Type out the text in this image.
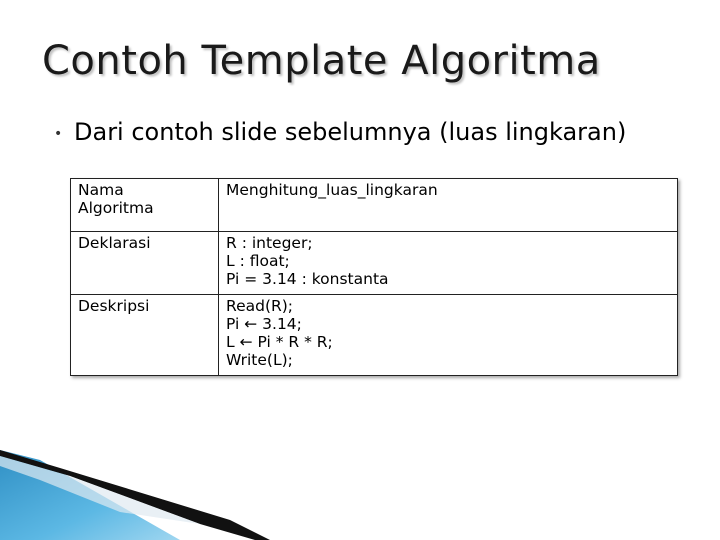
Contoh Template Algoritma
• Dari contoh slide sebelumnya (luas lingkaran)
Nama
Algoritma	Menghitung_luas_lingkaran

Deklarasi	R : integer;
L : float;
Pi = 3.14 : konstanta

Deskripsi	Read(R);
Pi ← 3.14;
L ← Pi * R * R;
Write(L);
